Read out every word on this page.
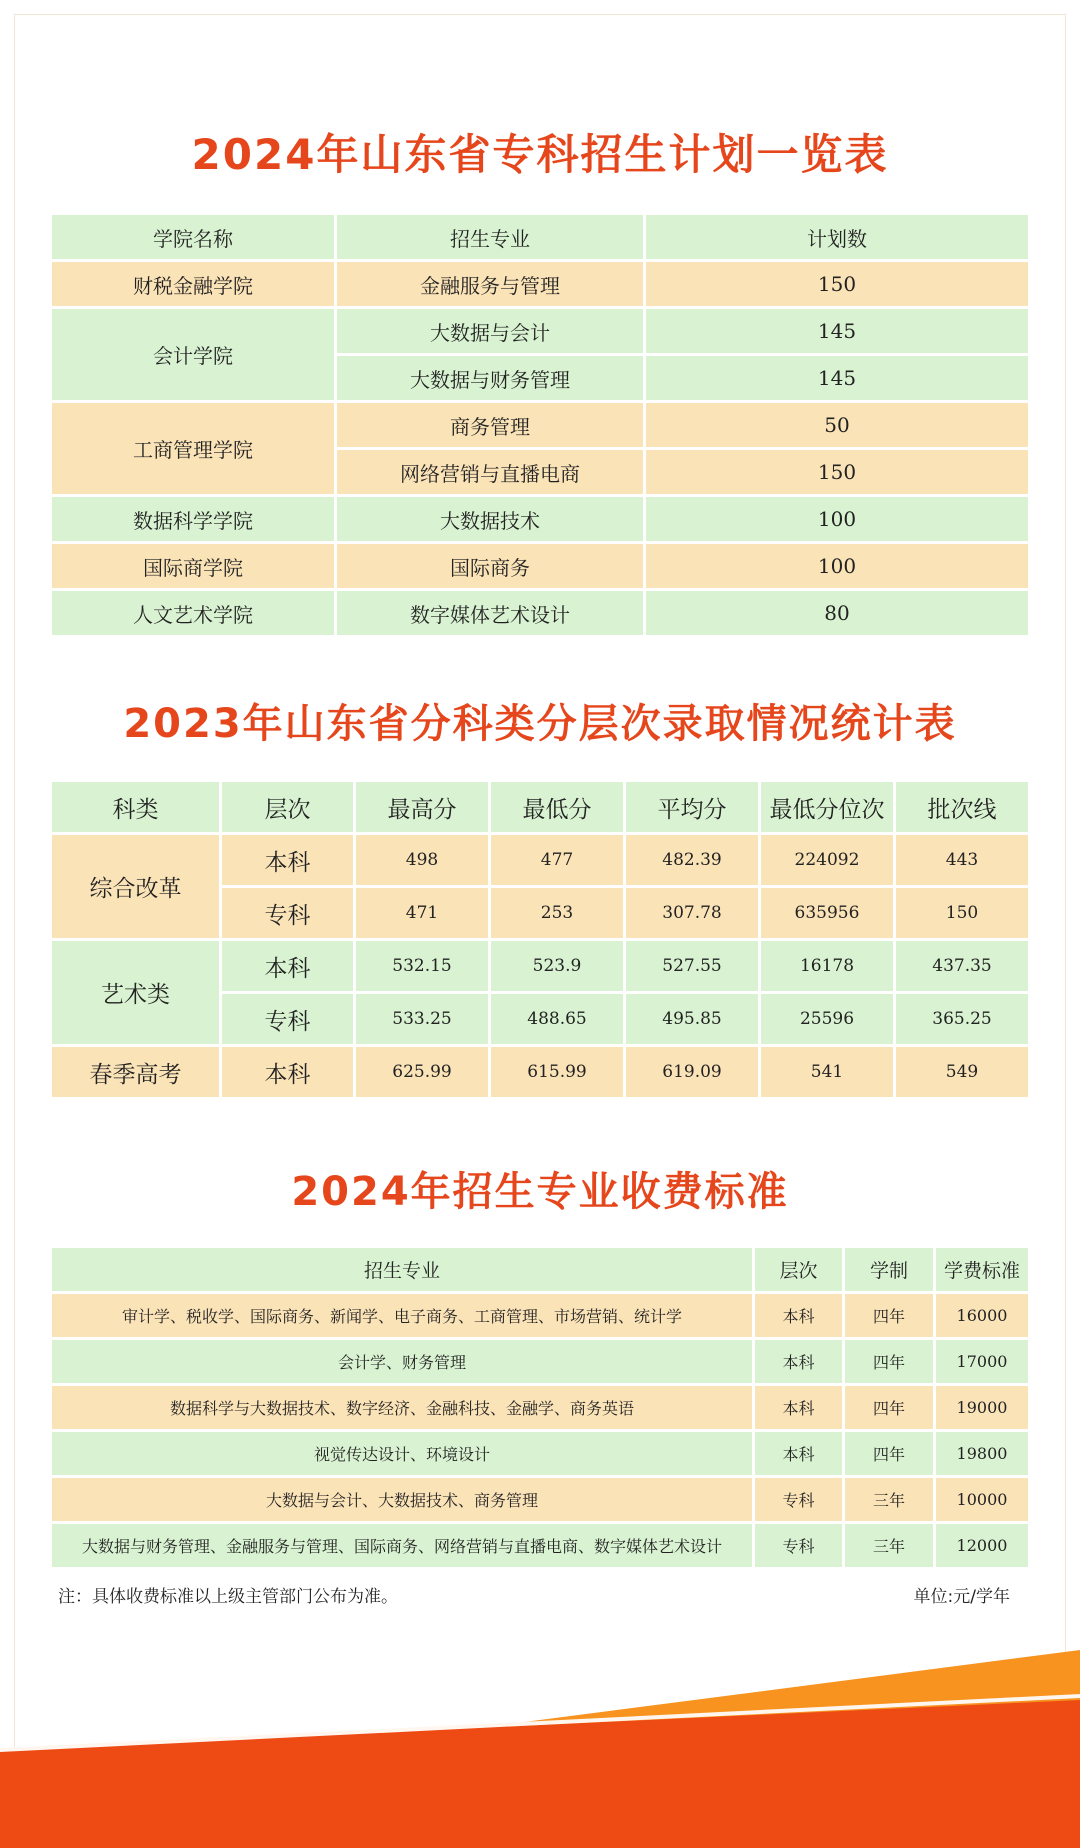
2024年山东省专科招生计划一览表
学院名称	招生专业	计划数
财税金融学院	金融服务与管理	150
会计学院	大数据与会计	145
	大数据与财务管理	145
工商管理学院	商务管理	50
	网络营销与直播电商	150
数据科学学院	大数据技术	100
国际商学院	国际商务	100
人文艺术学院	数字媒体艺术设计	80
2023年山东省分科类分层次录取情况统计表
科类	层次	最高分	最低分	平均分	最低分位次	批次线
综合改革	本科	498	477	482.39	224092	443
	专科	471	253	307.78	635956	150
艺术类	本科	532.15	523.9	527.55	16178	437.35
	专科	533.25	488.65	495.85	25596	365.25
春季高考	本科	625.99	615.99	619.09	541	549
2024年招生专业收费标准
招生专业	层次	学制	学费标准
审计学、税收学、国际商务、新闻学、电子商务、工商管理、市场营销、统计学	本科	四年	16000
会计学、财务管理	本科	四年	17000
数据科学与大数据技术、数字经济、金融科技、金融学、商务英语	本科	四年	19000
视觉传达设计、环境设计	本科	四年	19800
大数据与会计、大数据技术、商务管理	专科	三年	10000
大数据与财务管理、金融服务与管理、国际商务、网络营销与直播电商、数字媒体艺术设计	专科	三年	12000
注：具体收费标准以上级主管部门公布为准。	单位:元/学年
